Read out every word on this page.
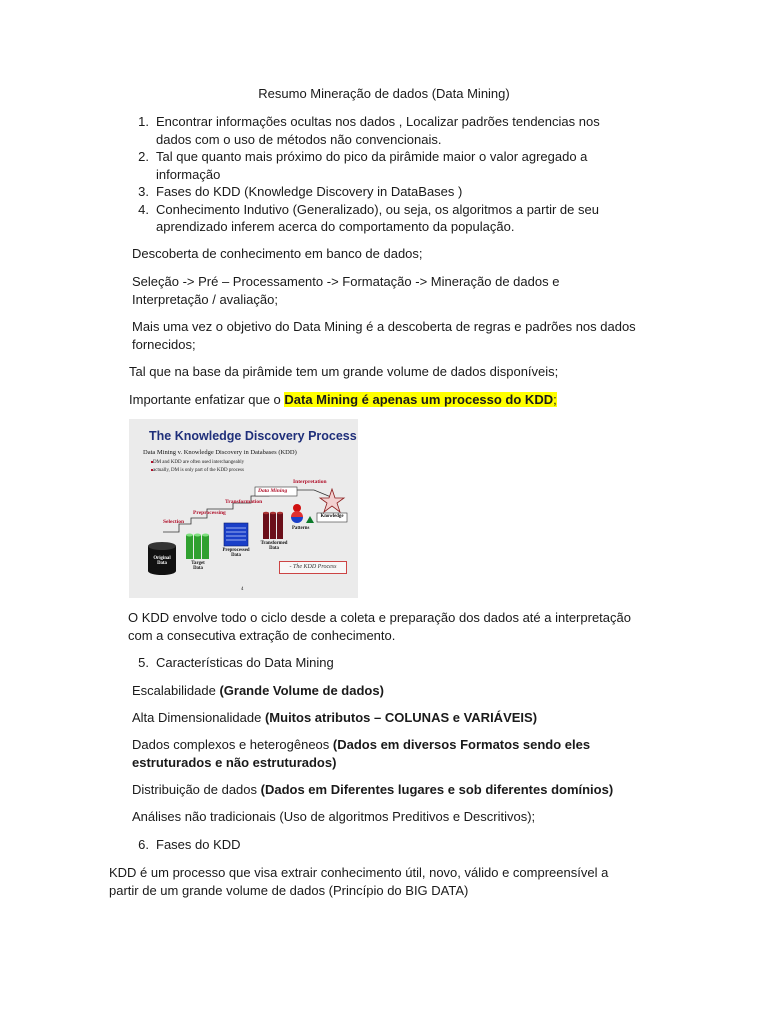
Resumo Mineração de dados (Data Mining)
1. Encontrar informações ocultas nos dados , Localizar padrões tendencias nos
dados com o uso de métodos não convencionais.
2. Tal que quanto mais próximo do pico da pirâmide maior o valor agregado a
informação
3. Fases do KDD (Knowledge Discovery in DataBases )
4. Conhecimento Indutivo (Generalizado), ou seja, os algoritmos a partir de seu
aprendizado inferem acerca do comportamento da população.
Descoberta de conhecimento em banco de dados;
Seleção -> Pré – Processamento -> Formatação -> Mineração de dados e
Interpretação / avaliação;
Mais uma vez o objetivo do Data Mining é a descoberta de regras e padrões nos dados
fornecidos;
Tal que na base da pirâmide tem um grande volume de dados disponíveis;
Importante enfatizar que o Data Mining é apenas um processo do KDD;
The Knowledge Discovery Process
Data Mining v. Knowledge Discovery in Databases (KDD)
DM and KDD are often used interchangeably
actually, DM is only part of the KDD process
Selection
Preprocessing
Transformation
Data Mining
Interpretation
Original
Data	Target
Data
Preprocessed
Data
Transformed
Data
Patterns
Knowledge
- The KDD Process
4
O KDD envolve todo o ciclo desde a coleta e preparação dos dados até a interpretação
com a consecutiva extração de conhecimento.
5. Características do Data Mining
Escalabilidade (Grande Volume de dados)
Alta Dimensionalidade (Muitos atributos – COLUNAS e VARIÁVEIS)
Dados complexos e heterogêneos (Dados em diversos Formatos sendo eles
estruturados e não estruturados)
Distribuição de dados (Dados em Diferentes lugares e sob diferentes domínios)
Análises não tradicionais (Uso de algoritmos Preditivos e Descritivos);
6. Fases do KDD
KDD é um processo que visa extrair conhecimento útil, novo, válido e compreensível a
partir de um grande volume de dados (Princípio do BIG DATA)
